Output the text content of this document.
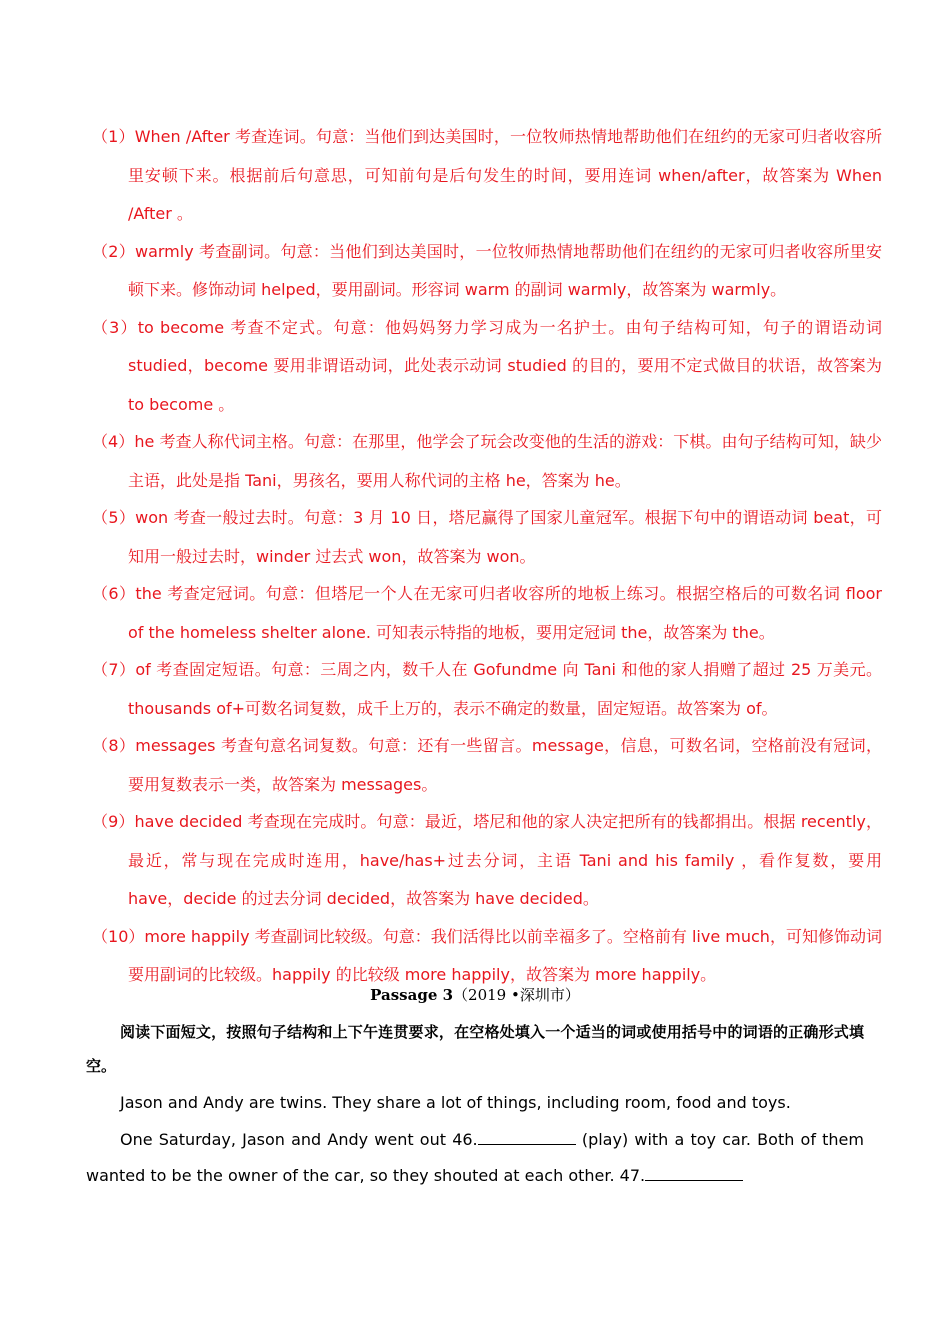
（1）When /After 考查连词。句意：当他们到达美国时，一位牧师热情地帮助他们在纽约的无家可归者收容所里安顿下来。根据前后句意思，可知前句是后句发生的时间，要用连词 when/after，故答案为 When /After 。

（2）warmly 考查副词。句意：当他们到达美国时，一位牧师热情地帮助他们在纽约的无家可归者收容所里安顿下来。修饰动词 helped，要用副词。形容词 warm 的副词 warmly，故答案为 warmly。

（3）to become 考查不定式。句意：他妈妈努力学习成为一名护士。由句子结构可知，句子的谓语动词 studied，become 要用非谓语动词，此处表示动词 studied 的目的，要用不定式做目的状语，故答案为 to become 。

（4）he 考查人称代词主格。句意：在那里，他学会了玩会改变他的生活的游戏：下棋。由句子结构可知，缺少主语，此处是指 Tani，男孩名，要用人称代词的主格 he，答案为 he。

（5）won 考查一般过去时。句意：3 月 10 日，塔尼赢得了国家儿童冠军。根据下句中的谓语动词 beat，可知用一般过去时，winder 过去式 won，故答案为 won。

（6）the 考查定冠词。句意：但塔尼一个人在无家可归者收容所的地板上练习。根据空格后的可数名词 floor of the homeless shelter alone. 可知表示特指的地板，要用定冠词 the，故答案为 the。

（7）of 考查固定短语。句意：三周之内，数千人在 Gofundme 向 Tani 和他的家人捐赠了超过 25 万美元。thousands of+可数名词复数，成千上万的，表示不确定的数量，固定短语。故答案为 of。

（8）messages 考查句意名词复数。句意：还有一些留言。message，信息，可数名词，空格前没有冠词，要用复数表示一类，故答案为 messages。

（9）have decided 考查现在完成时。句意：最近，塔尼和他的家人决定把所有的钱都捐出。根据 recently，最近，常与现在完成时连用，have/has+过去分词，主语 Tani and his family ，看作复数，要用 have，decide 的过去分词 decided，故答案为 have decided。

（10）more happily 考查副词比较级。句意：我们活得比以前幸福多了。空格前有 live much，可知修饰动词要用副词的比较级。happily 的比较级 more happily，故答案为 more happily。

Passage 3（2019 •深圳市）
阅读下面短文，按照句子结构和上下午连贯要求，在空格处填入一个适当的词或使用括号中的词语的正确形式填空。

Jason and Andy are twins. They share a lot of things, including room, food and toys.

One Saturday, Jason and Andy went out 46.	(play) with a toy car. Both of them wanted to be the owner of the car, so they shouted at each other. 47.
